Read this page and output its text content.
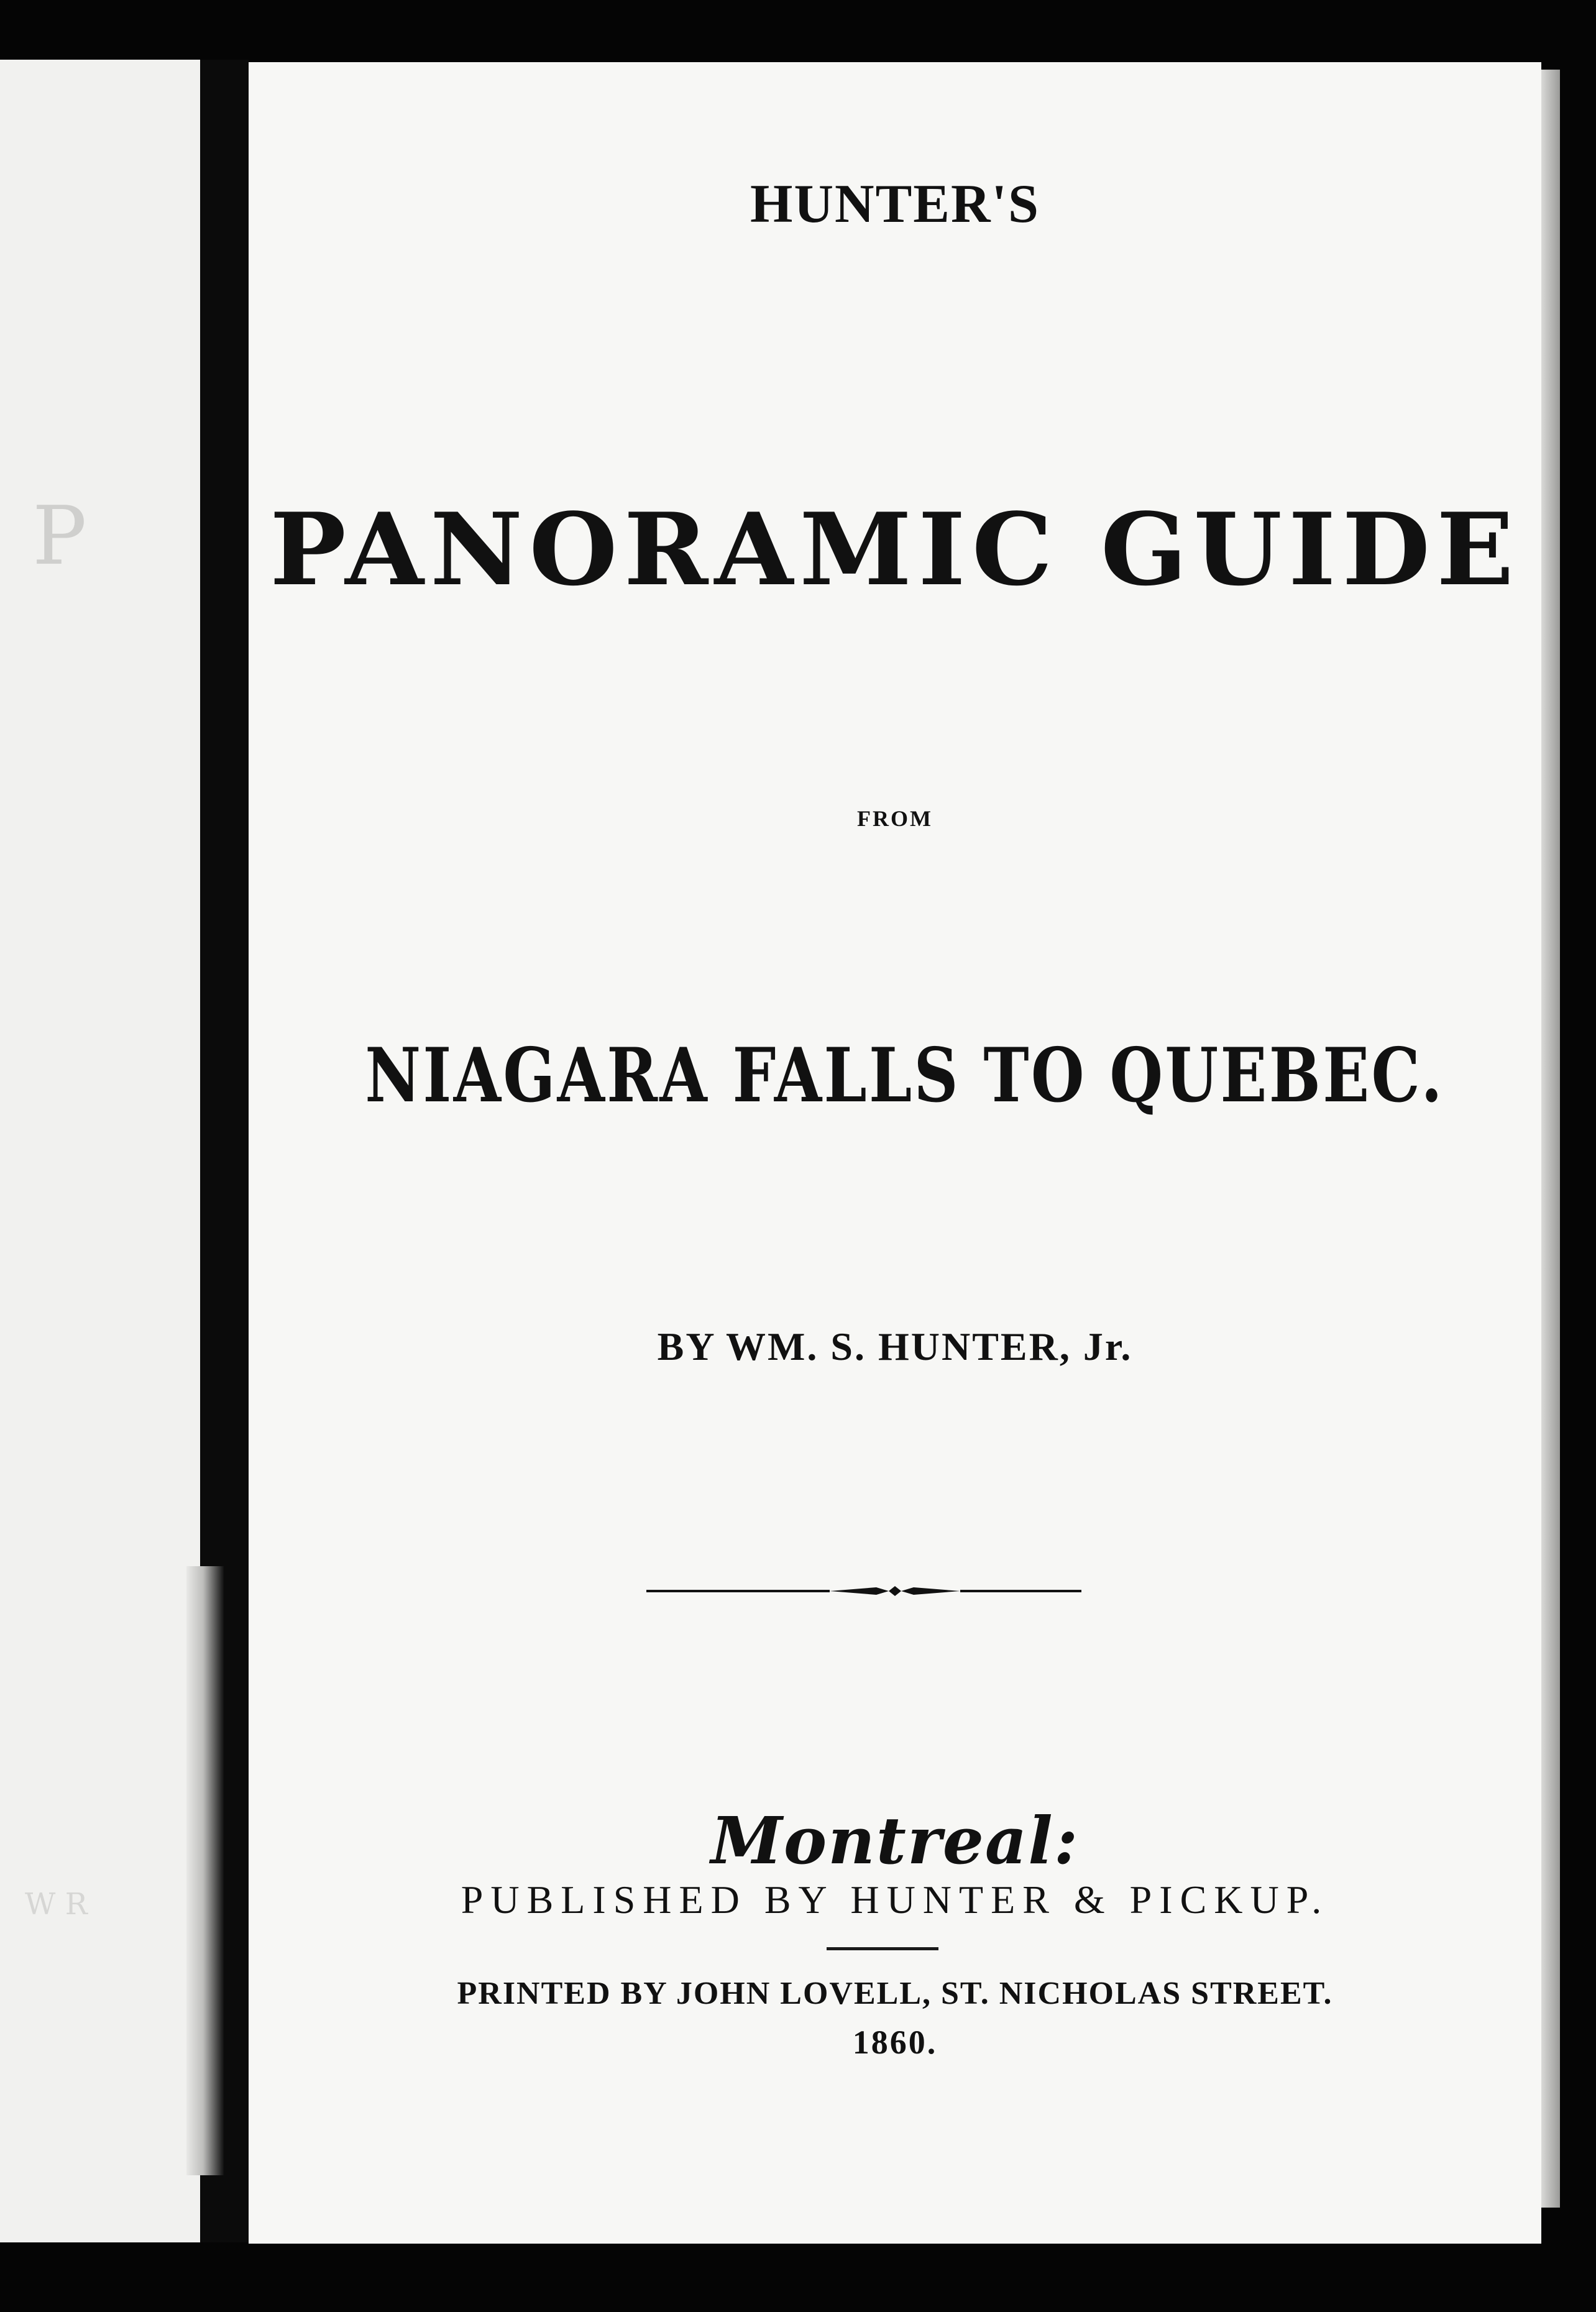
P
W R
HUNTER'S
PANORAMIC GUIDE
FROM
NIAGARA FALLS TO QUEBEC.
BY WM. S. HUNTER, Jr.
Montreal:
PUBLISHED BY HUNTER & PICKUP.
PRINTED BY JOHN LOVELL, ST. NICHOLAS STREET.
1860.
